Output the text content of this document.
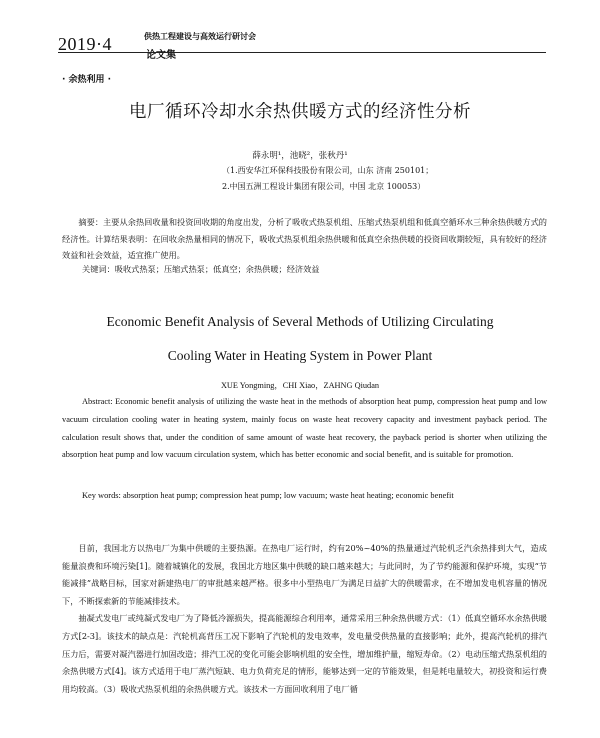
2019·4	供热工程建设与高效运行研讨会
论文集
· 余热利用 ·
电厂循环冷却水余热供暖方式的经济性分析
薛永明¹，池晓²，张秋丹¹
（1.西安华江环保科技股份有限公司，山东 济南 250101；
2.中国五洲工程设计集团有限公司，中国 北京 100053）

摘要：主要从余热回收量和投资回收期的角度出发，分析了吸收式热泵机组、压缩式热泵机组和低真空循环水三种余热供暖方式的经济性。计算结果表明：在回收余热量相同的情况下，吸收式热泵机组余热供暖和低真空余热供暖的投资回收期较短，具有较好的经济效益和社会效益，适宜推广使用。

关键词：吸收式热泵；压缩式热泵；低真空；余热供暖；经济效益
Economic Benefit Analysis of Several Methods of Utilizing Circulating
Cooling Water in Heating System in Power Plant
XUE Yongming，CHI Xiao，ZAHNG Qiudan
Abstract: Economic benefit analysis of utilizing the waste heat in the methods of absorption heat pump, compression heat pump and low vacuum circulation cooling water in heating system, mainly focus on waste heat recovery capacity and investment payback period. The calculation result shows that, under the condition of same amount of waste heat recovery, the payback period is shorter when utilizing the absorption heat pump and low vacuum circulation system, which has better economic and social benefit, and is suitable for promotion.
Key words: absorption heat pump; compression heat pump; low vacuum; waste heat heating; economic benefit

目前，我国北方以热电厂为集中供暖的主要热源。在热电厂运行时，约有20%~40%的热量通过汽轮机乏汽余热排到大气，造成能量浪费和环境污染[1]。随着城镇化的发展，我国北方地区集中供暖的缺口越来越大；与此同时，为了节约能源和保护环境，实现“节能减排”战略目标，国家对新建热电厂的审批越来越严格。很多中小型热电厂为满足日益扩大的供暖需求，在不增加发电机容量的情况下，不断探索新的节能减排技术。

抽凝式发电厂或纯凝式发电厂为了降低冷源损失，提高能源综合利用率，通常采用三种余热供暖方式：（1）低真空循环水余热供暖方式[2-3]。该技术的缺点是：汽轮机高背压工况下影响了汽轮机的发电效率，发电量受供热量的直接影响；此外，提高汽轮机的排汽压力后，需要对凝汽器进行加固改造；排汽工况的变化可能会影响机组的安全性，增加维护量，缩短寿命。（2）电动压缩式热泵机组的余热供暖方式[4]。该方式适用于电厂蒸汽短缺、电力负荷充足的情形，能够达到一定的节能效果，但是耗电量较大，初投资和运行费用均较高。（3）吸收式热泵机组的余热供暖方式。该技术一方面回收利用了电厂循
